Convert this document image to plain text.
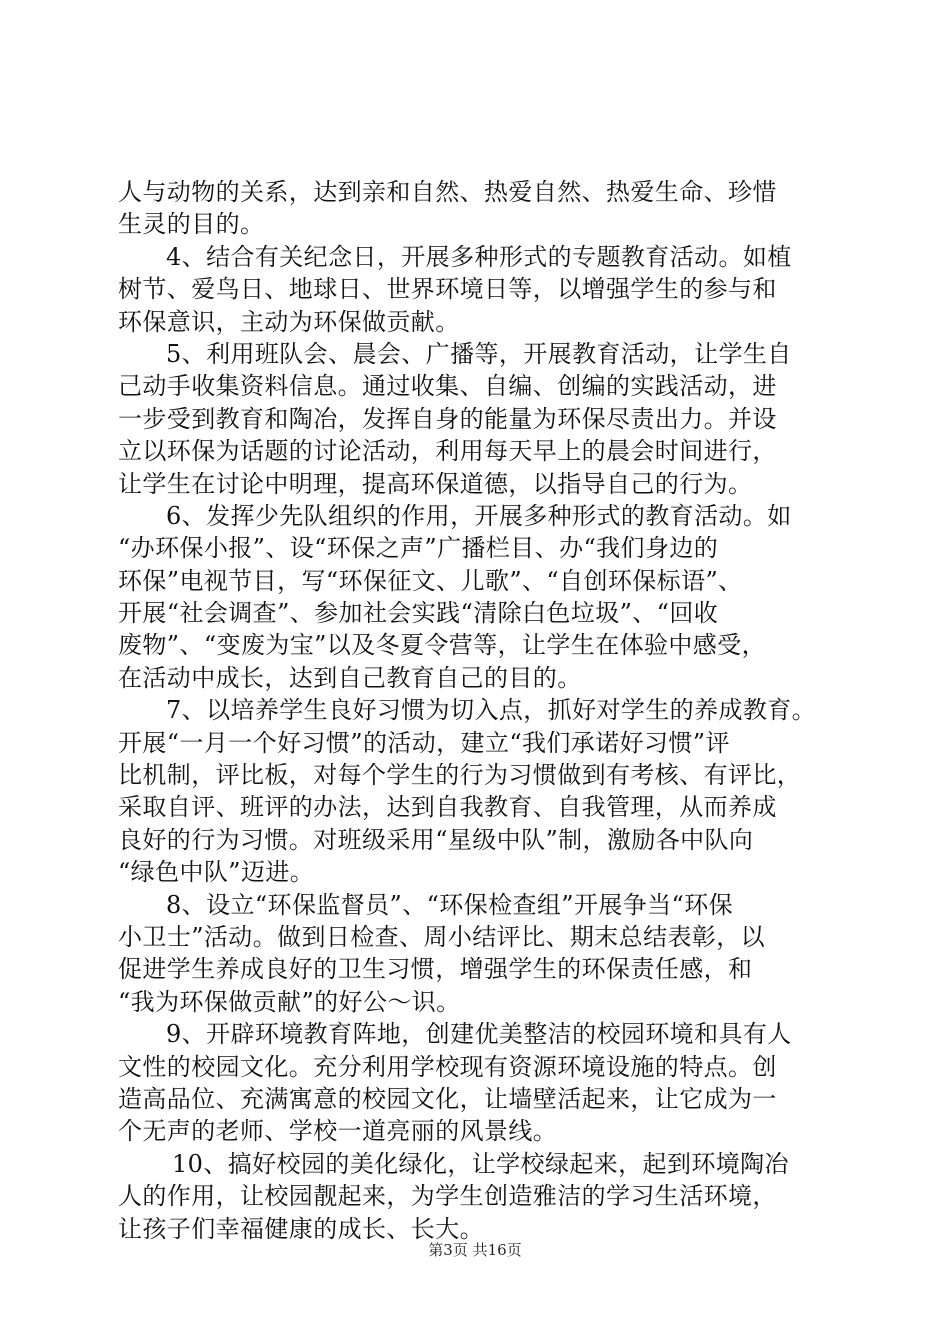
人与动物的关系，达到亲和自然、热爱自然、热爱生命、珍惜
生灵的目的。
4、结合有关纪念日，开展多种形式的专题教育活动。如植
树节、爱鸟日、地球日、世界环境日等，以增强学生的参与和
环保意识，主动为环保做贡献。
5、利用班队会、晨会、广播等，开展教育活动，让学生自
己动手收集资料信息。通过收集、自编、创编的实践活动，进
一步受到教育和陶冶，发挥自身的能量为环保尽责出力。并设
立以环保为话题的讨论活动，利用每天早上的晨会时间进行，
让学生在讨论中明理，提高环保道德，以指导自己的行为。
6、发挥少先队组织的作用，开展多种形式的教育活动。如
“办环保小报”、设“环保之声”广播栏目、办“我们身边的
环保”电视节目，写“环保征文、儿歌”、“自创环保标语”、
开展“社会调查”、参加社会实践“清除白色垃圾”、“回收
废物”、“变废为宝”以及冬夏令营等，让学生在体验中感受，
在活动中成长，达到自己教育自己的目的。
7、以培养学生良好习惯为切入点，抓好对学生的养成教育。
开展“一月一个好习惯”的活动，建立“我们承诺好习惯”评
比机制，评比板，对每个学生的行为习惯做到有考核、有评比，
采取自评、班评的办法，达到自我教育、自我管理，从而养成
良好的行为习惯。对班级采用“星级中队”制，激励各中队向
“绿色中队”迈进。
8、设立“环保监督员”、“环保检查组”开展争当“环保
小卫士”活动。做到日检查、周小结评比、期末总结表彰，以
促进学生养成良好的卫生习惯，增强学生的环保责任感，和
“我为环保做贡献”的好公～识。
9、开辟环境教育阵地，创建优美整洁的校园环境和具有人
文性的校园文化。充分利用学校现有资源环境设施的特点。创
造高品位、充满寓意的校园文化，让墙壁活起来，让它成为一
个无声的老师、学校一道亮丽的风景线。
10、搞好校园的美化绿化，让学校绿起来，起到环境陶冶
人的作用，让校园靓起来，为学生创造雅洁的学习生活环境，
让孩子们幸福健康的成长、长大。
第3页 共16页
